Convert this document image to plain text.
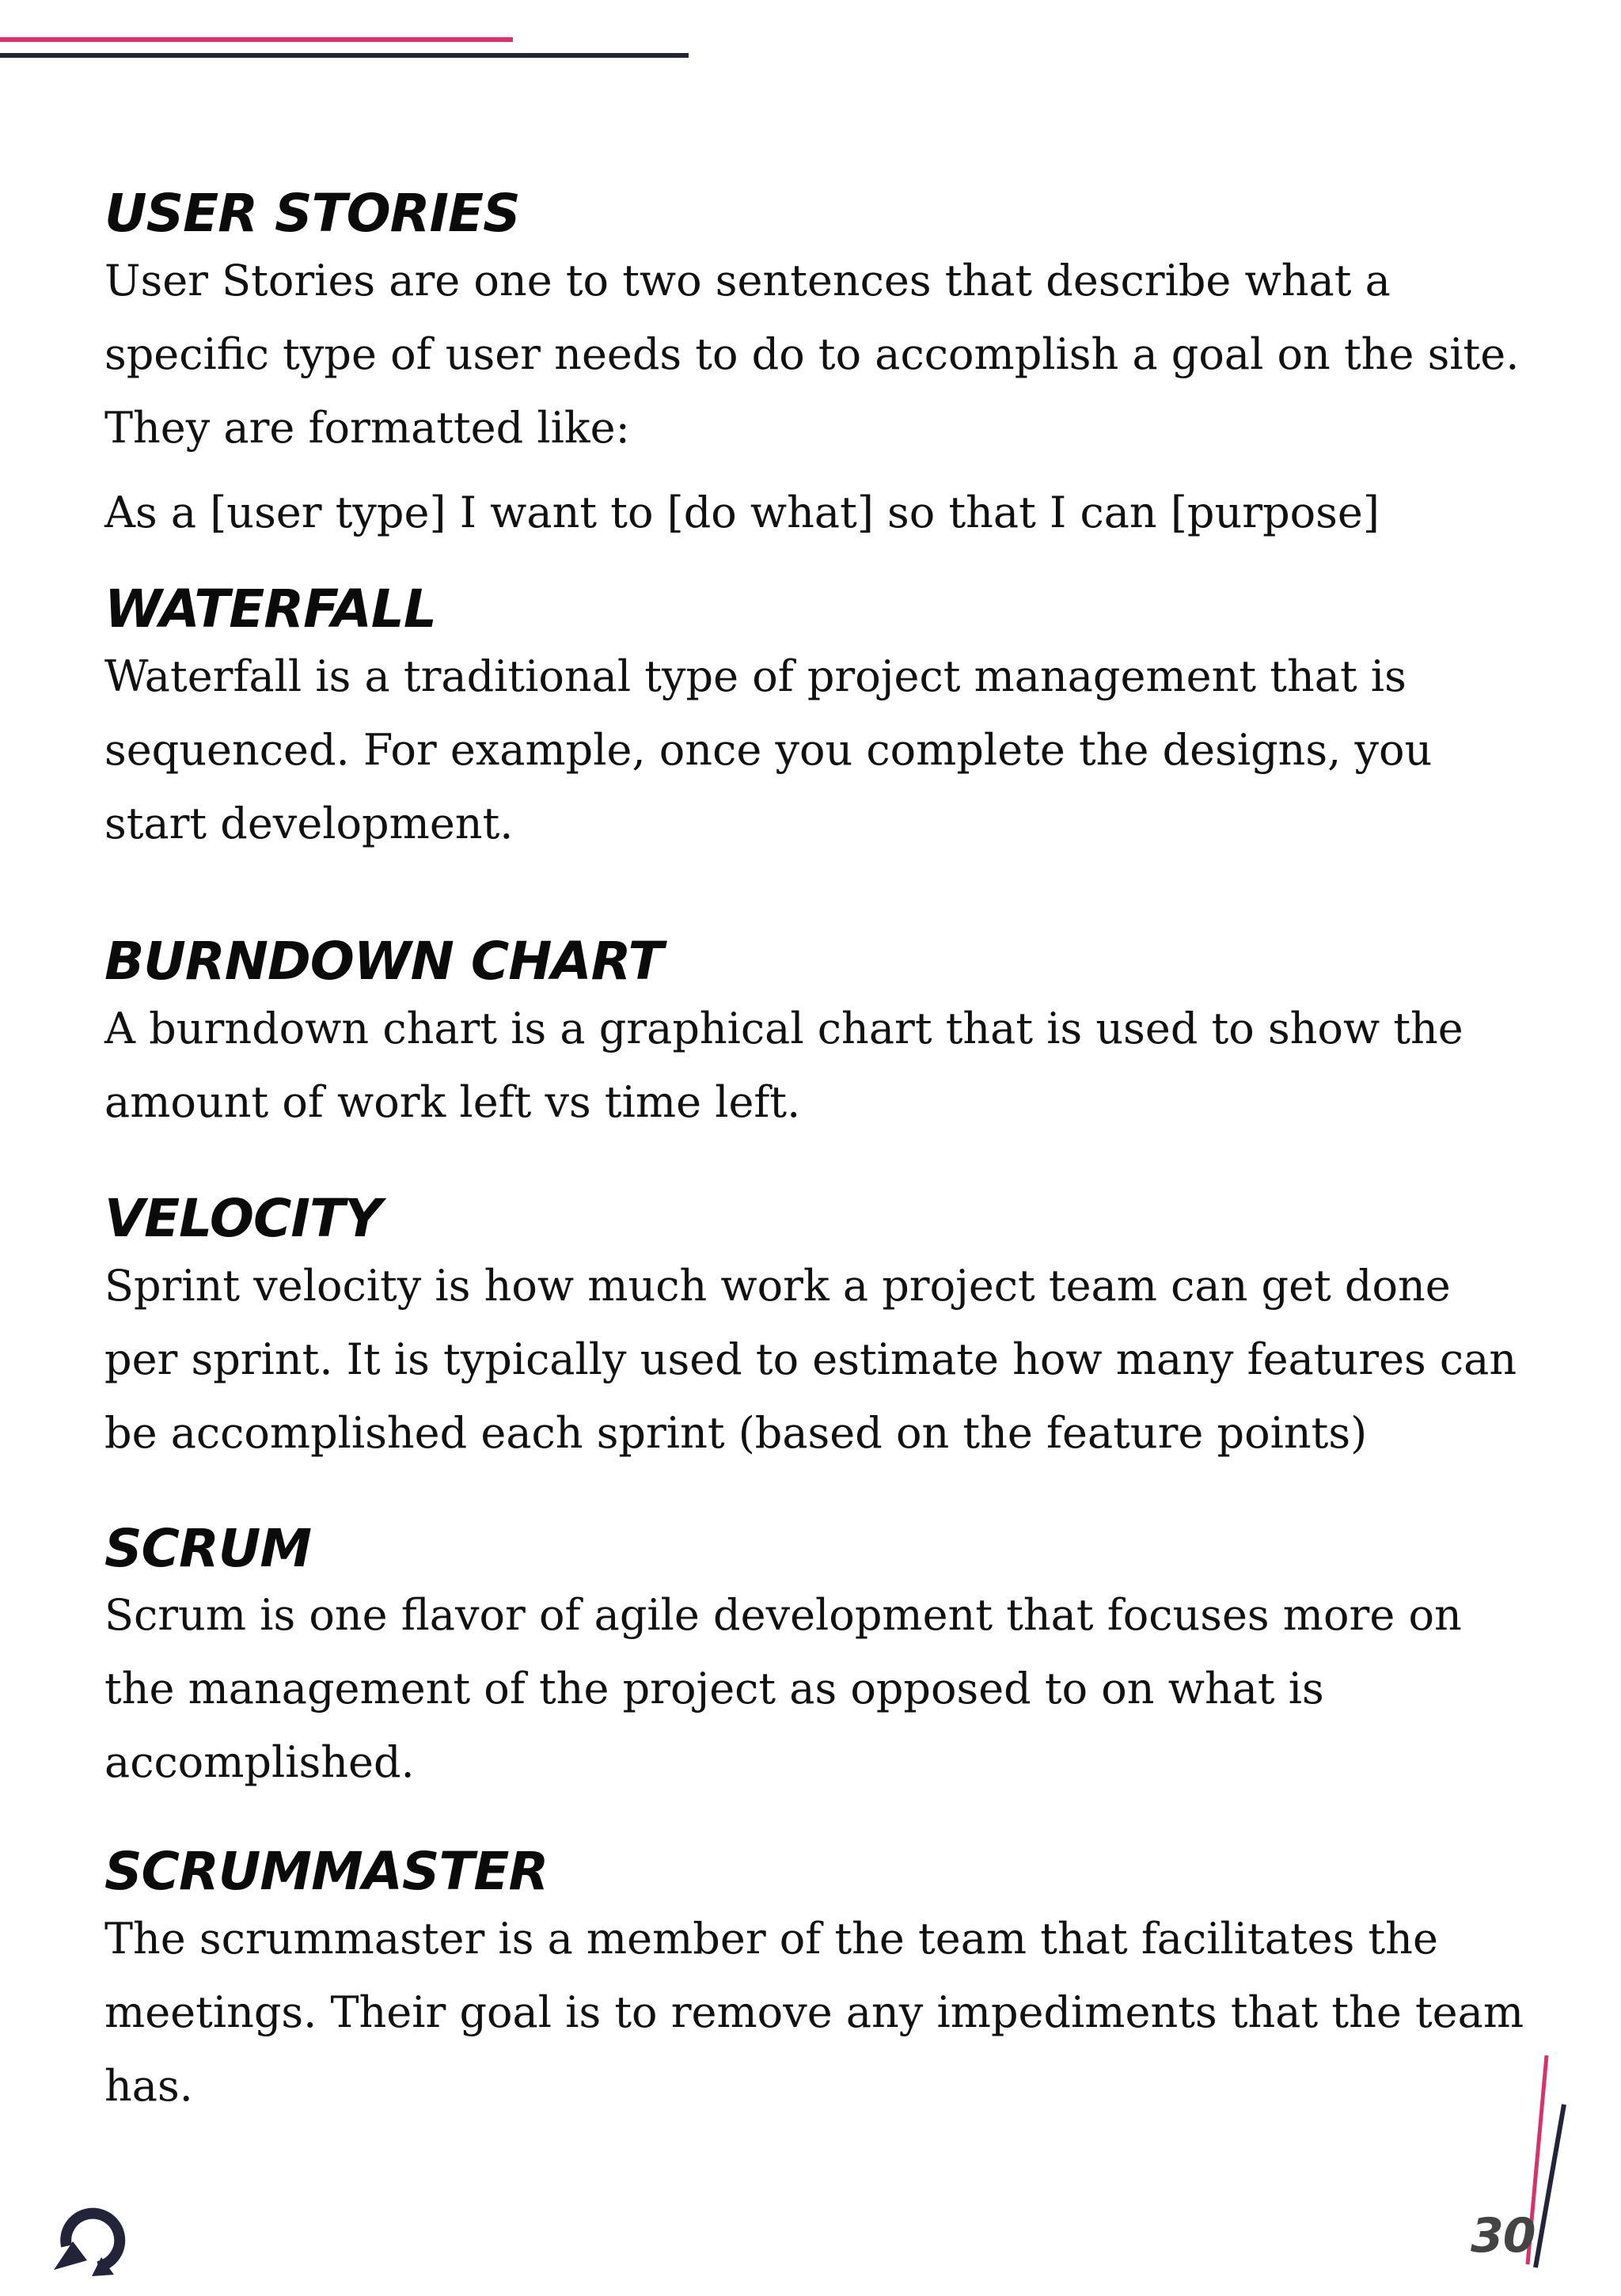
USER STORIES

User Stories are one to two sentences that describe what a specific type of user needs to do to accomplish a goal on the site. They are formatted like:

As a [user type] I want to [do what] so that I can [purpose]

WATERFALL

Waterfall is a traditional type of project management that is sequenced. For example, once you complete the designs, you start development.

BURNDOWN CHART

A burndown chart is a graphical chart that is used to show the amount of work left vs time left.

VELOCITY

Sprint velocity is how much work a project team can get done per sprint. It is typically used to estimate how many features can be accomplished each sprint (based on the feature points)

SCRUM

Scrum is one flavor of agile development that focuses more on the management of the project as opposed to on what is accomplished.

SCRUMMASTER

The scrummaster is a member of the team that facilitates the meetings. Their goal is to remove any impediments that the team has.

30
